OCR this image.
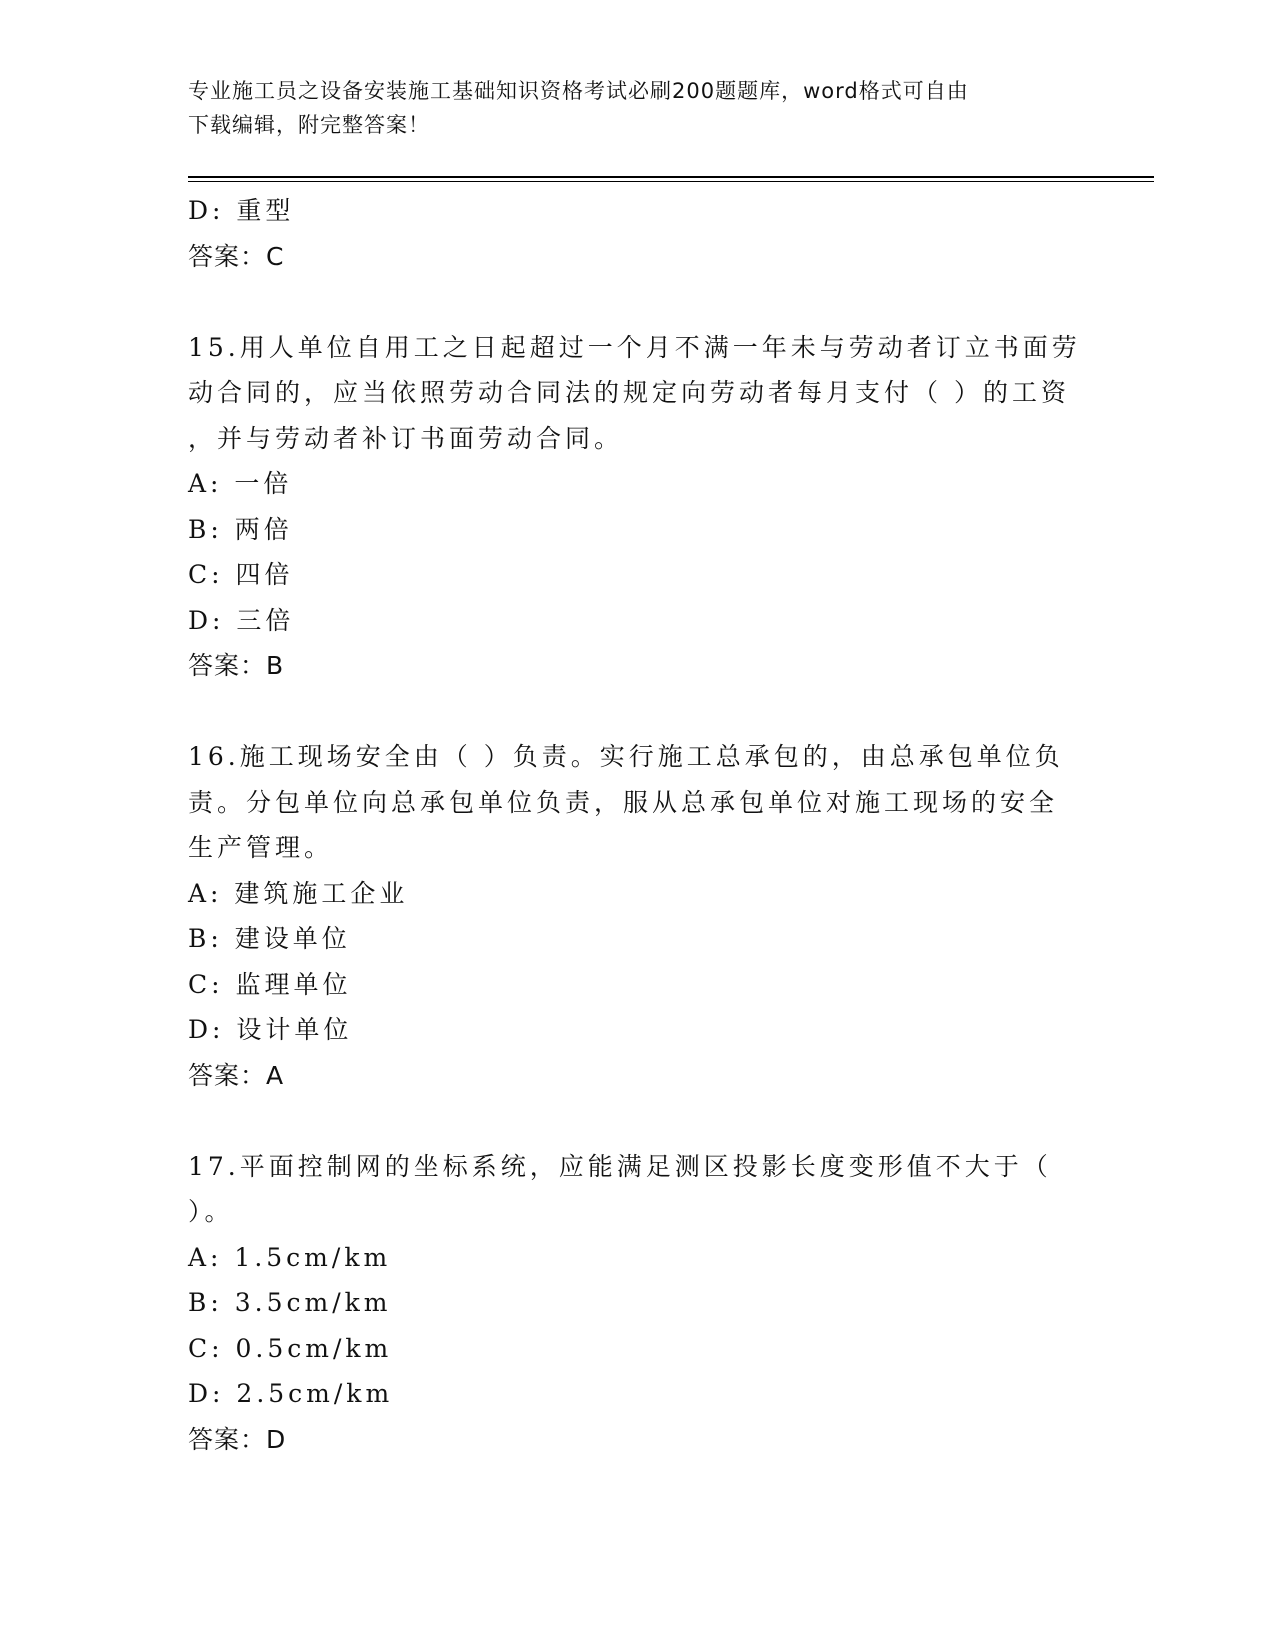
专业施工员之设备安装施工基础知识资格考试必刷200题题库，word格式可自由
下载编辑，附完整答案！
D: 重型
答案：C
15.用人单位自用工之日起超过一个月不满一年未与劳动者订立书面劳
动合同的，应当依照劳动合同法的规定向劳动者每月支付（ ）的工资
，并与劳动者补订书面劳动合同。
A: 一倍
B: 两倍
C: 四倍
D: 三倍
答案：B
16.施工现场安全由（ ）负责。实行施工总承包的，由总承包单位负
责。分包单位向总承包单位负责，服从总承包单位对施工现场的安全
生产管理。
A: 建筑施工企业
B: 建设单位
C: 监理单位
D: 设计单位
答案：A
17.平面控制网的坐标系统，应能满足测区投影长度变形值不大于（
）。
A: 1.5cm/km
B: 3.5cm/km
C: 0.5cm/km
D: 2.5cm/km
答案：D
